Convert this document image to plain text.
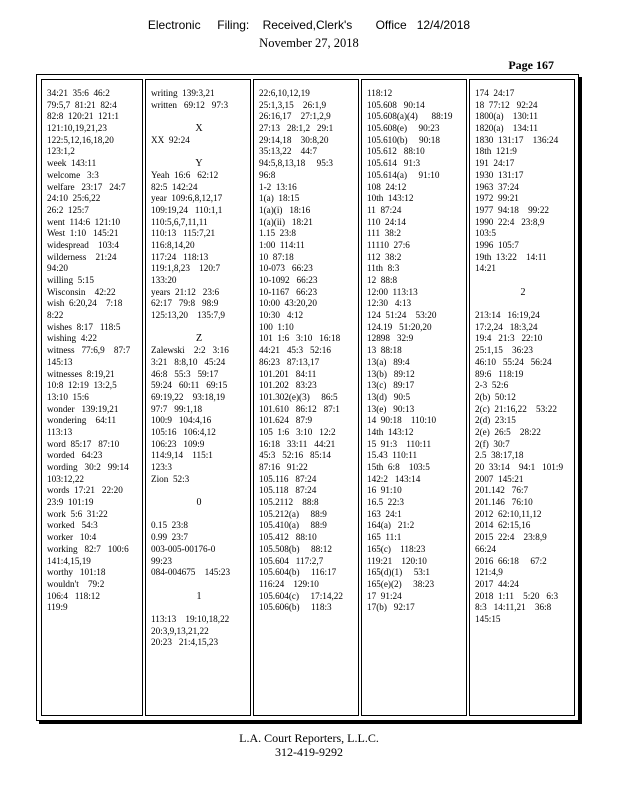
Electronic     Filing:    Received,Clerk's       Office   12/4/2018
November 27, 2018
Page 167
34:21  35:6  46:2
79:5,7  81:21  82:4
82:8  120:21  121:1
121:10,19,21,23
122:5,12,16,18,20
123:1,2
week  143:11
welcome   3:3
welfare   23:17   24:7
24:10  25:6,22
26:2  125:7
went  114:6  121:10
West  1:10   145:21
widespread    103:4
wilderness    21:24
94:20
willing  5:15
Wisconsin    42:22
wish  6:20,24    7:18
8:22
wishes  8:17   118:5
wishing  4:22
witness   77:6,9    87:7
145:13
witnesses  8:19,21
10:8  12:19  13:2,5
13:10  15:6
wonder   139:19,21
wondering    64:11
113:13
word  85:17   87:10
worded   64:23
wording   30:2   99:14
103:12,22
words  17:21   22:20
23:9  101:19
work  5:6  31:22
worked   54:3
worker   10:4
working   82:7   100:6
141:4,15,19
worthy   101:18
wouldn't    79:2
106:4   118:12
119:9
writing  139:3,21
written   69:12   97:3
X
XX  92:24
Y
Yeah  16:6   62:12
82:5  142:24
year  109:6,8,12,17
109:19,24   110:1,1
110:5,6,7,11,11
110:13   115:7,21
116:8,14,20
117:24   118:13
119:1,8,23    120:7
133:20
years  21:12   23:6
62:17   79:8   98:9
125:13,20    135:7,9
Z
Zalewski    2:2   3:16
3:21   8:8,10   45:24
46:8   55:3   59:17
59:24   60:11   69:15
69:19,22    93:18,19
97:7   99:1,18
100:9   104:4,16
105:16   106:4,12
106:23   109:9
114:9,14    115:1
123:3
Zion  52:3
0
0.15  23:8
0.99  23:7
003-005-00176-0
99:23
084-004675    145:23
1
113:13    19:10,18,22
20:3,9,13,21,22
20:23   21:4,15,23
22:6,10,12,19
25:1,3,15    26:1,9
26:16,17    27:1,2,9
27:13   28:1,2   29:1
29:14,18    30:8,20
35:13,22    44:7
94:5,8,13,18     95:3
96:8
1-2  13:16
1(a)  18:15
1(a)(i)   18:16
1(a)(ii)   18:21
1.15  23:8
1:00  114:11
10  87:18
10-073   66:23
10-1092   66:23
10-1167   66:23
10:00  43:20,20
10:30   4:12
100  1:10
101  1:6   3:10   16:18
44:21   45:3   52:16
86:23   87:13,17
101.201   84:11
101.202   83:23
101.302(e)(3)     86:5
101.610   86:12   87:1
101.624   87:9
105  1:6   3:10   12:2
16:18   33:11   44:21
45:3   52:16   85:14
87:16   91:22
105.116   87:24
105.118   87:24
105.2112    88:8
105.212(a)     88:9
105.410(a)     88:9
105.412   88:10
105.508(b)     88:12
105.604   117:2,7
105.604(b)     116:17
116:24    129:10
105.604(c)     17:14,22
105.606(b)     118:3
118:12
105.608   90:14
105.608(a)(4)      88:19
105.608(e)     90:23
105.610(b)     90:18
105.612   88:10
105.614   91:3
105.614(a)     91:10
108  24:12
10th  143:12
11  87:24
110  24:14
111  38:2
11110  27:6
112  38:2
11th  8:3
12  88:8
12:00  113:13
12:30   4:13
124  51:24    53:20
124.19   51:20,20
12898   32:9
13  88:18
13(a)   89:4
13(b)   89:12
13(c)   89:17
13(d)   90:5
13(e)   90:13
14  90:18    110:10
14th  143:12
15  91:3    110:11
15.43  110:11
15th  6:8    103:5
142:2   143:14
16  91:10
16.5  22:3
163  24:1
164(a)   21:2
165  11:1
165(c)    118:23
119:21    120:10
165(d)(1)     53:1
165(e)(2)     38:23
17  91:24
17(b)   92:17
174  24:17
18  77:12   92:24
1800(a)    130:11
1820(a)    134:11
1830  131:17    136:24
18th  121:9
191  24:17
1930  131:17
1963  37:24
1972  99:21
1977  94:18    99:22
1990  22:4   23:8,9
103:5
1996  105:7
19th  13:22    14:11
14:21
2
213:14   16:19,24
17:2,24   18:3,24
19:4   21:3   22:10
25:1,15    36:23
46:10   55:24   56:24
89:6   118:19
2-3  52:6
2(b)  50:12
2(c)  21:16,22    53:22
2(d)  23:15
2(e)  26:5    28:22
2(f)  30:7
2.5  38:17,18
20  33:14    94:1   101:9
2007  145:21
201.142   76:7
201.146   76:10
2012  62:10,11,12
2014  62:15,16
2015  22:4    23:8,9
66:24
2016  66:18     67:2
121:4,9
2017  44:24
2018  1:11    5:20   6:3
8:3   14:11,21    36:8
145:15
L.A. Court Reporters, L.L.C.
312-419-9292
